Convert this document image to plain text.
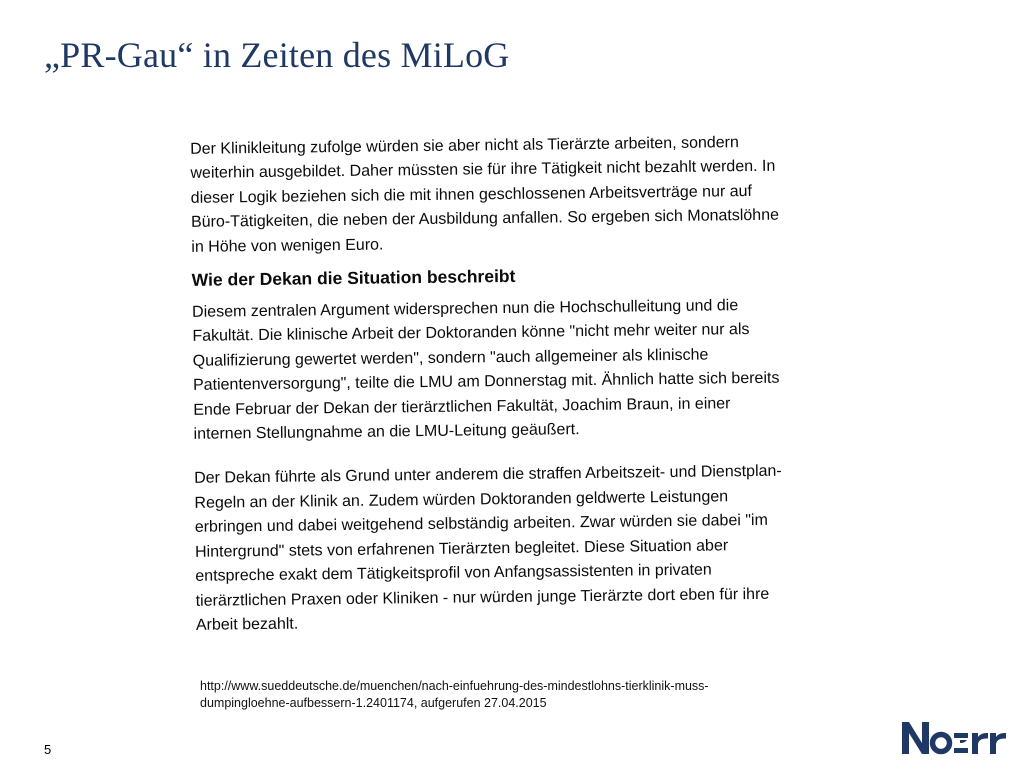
„PR-Gau“ in Zeiten des MiLoG

Der Klinikleitung zufolge würden sie aber nicht als Tierärzte arbeiten, sondern
weiterhin ausgebildet. Daher müssten sie für ihre Tätigkeit nicht bezahlt werden. In
dieser Logik beziehen sich die mit ihnen geschlossenen Arbeitsverträge nur auf
Büro-Tätigkeiten, die neben der Ausbildung anfallen. So ergeben sich Monatslöhne
in Höhe von wenigen Euro.

Wie der Dekan die Situation beschreibt

Diesem zentralen Argument widersprechen nun die Hochschulleitung und die
Fakultät. Die klinische Arbeit der Doktoranden könne "nicht mehr weiter nur als
Qualifizierung gewertet werden", sondern "auch allgemeiner als klinische
Patientenversorgung", teilte die LMU am Donnerstag mit. Ähnlich hatte sich bereits
Ende Februar der Dekan der tierärztlichen Fakultät, Joachim Braun, in einer
internen Stellungnahme an die LMU-Leitung geäußert.

Der Dekan führte als Grund unter anderem die straffen Arbeitszeit- und Dienstplan-
Regeln an der Klinik an. Zudem würden Doktoranden geldwerte Leistungen
erbringen und dabei weitgehend selbständig arbeiten. Zwar würden sie dabei "im
Hintergrund" stets von erfahrenen Tierärzten begleitet. Diese Situation aber
entspreche exakt dem Tätigkeitsprofil von Anfangsassistenten in privaten
tierärztlichen Praxen oder Kliniken - nur würden junge Tierärzte dort eben für ihre
Arbeit bezahlt.

http://www.sueddeutsche.de/muenchen/nach-einfuehrung-des-mindestlohns-tierklinik-muss-
dumpingloehne-aufbessern-1.2401174, aufgerufen 27.04.2015
5
